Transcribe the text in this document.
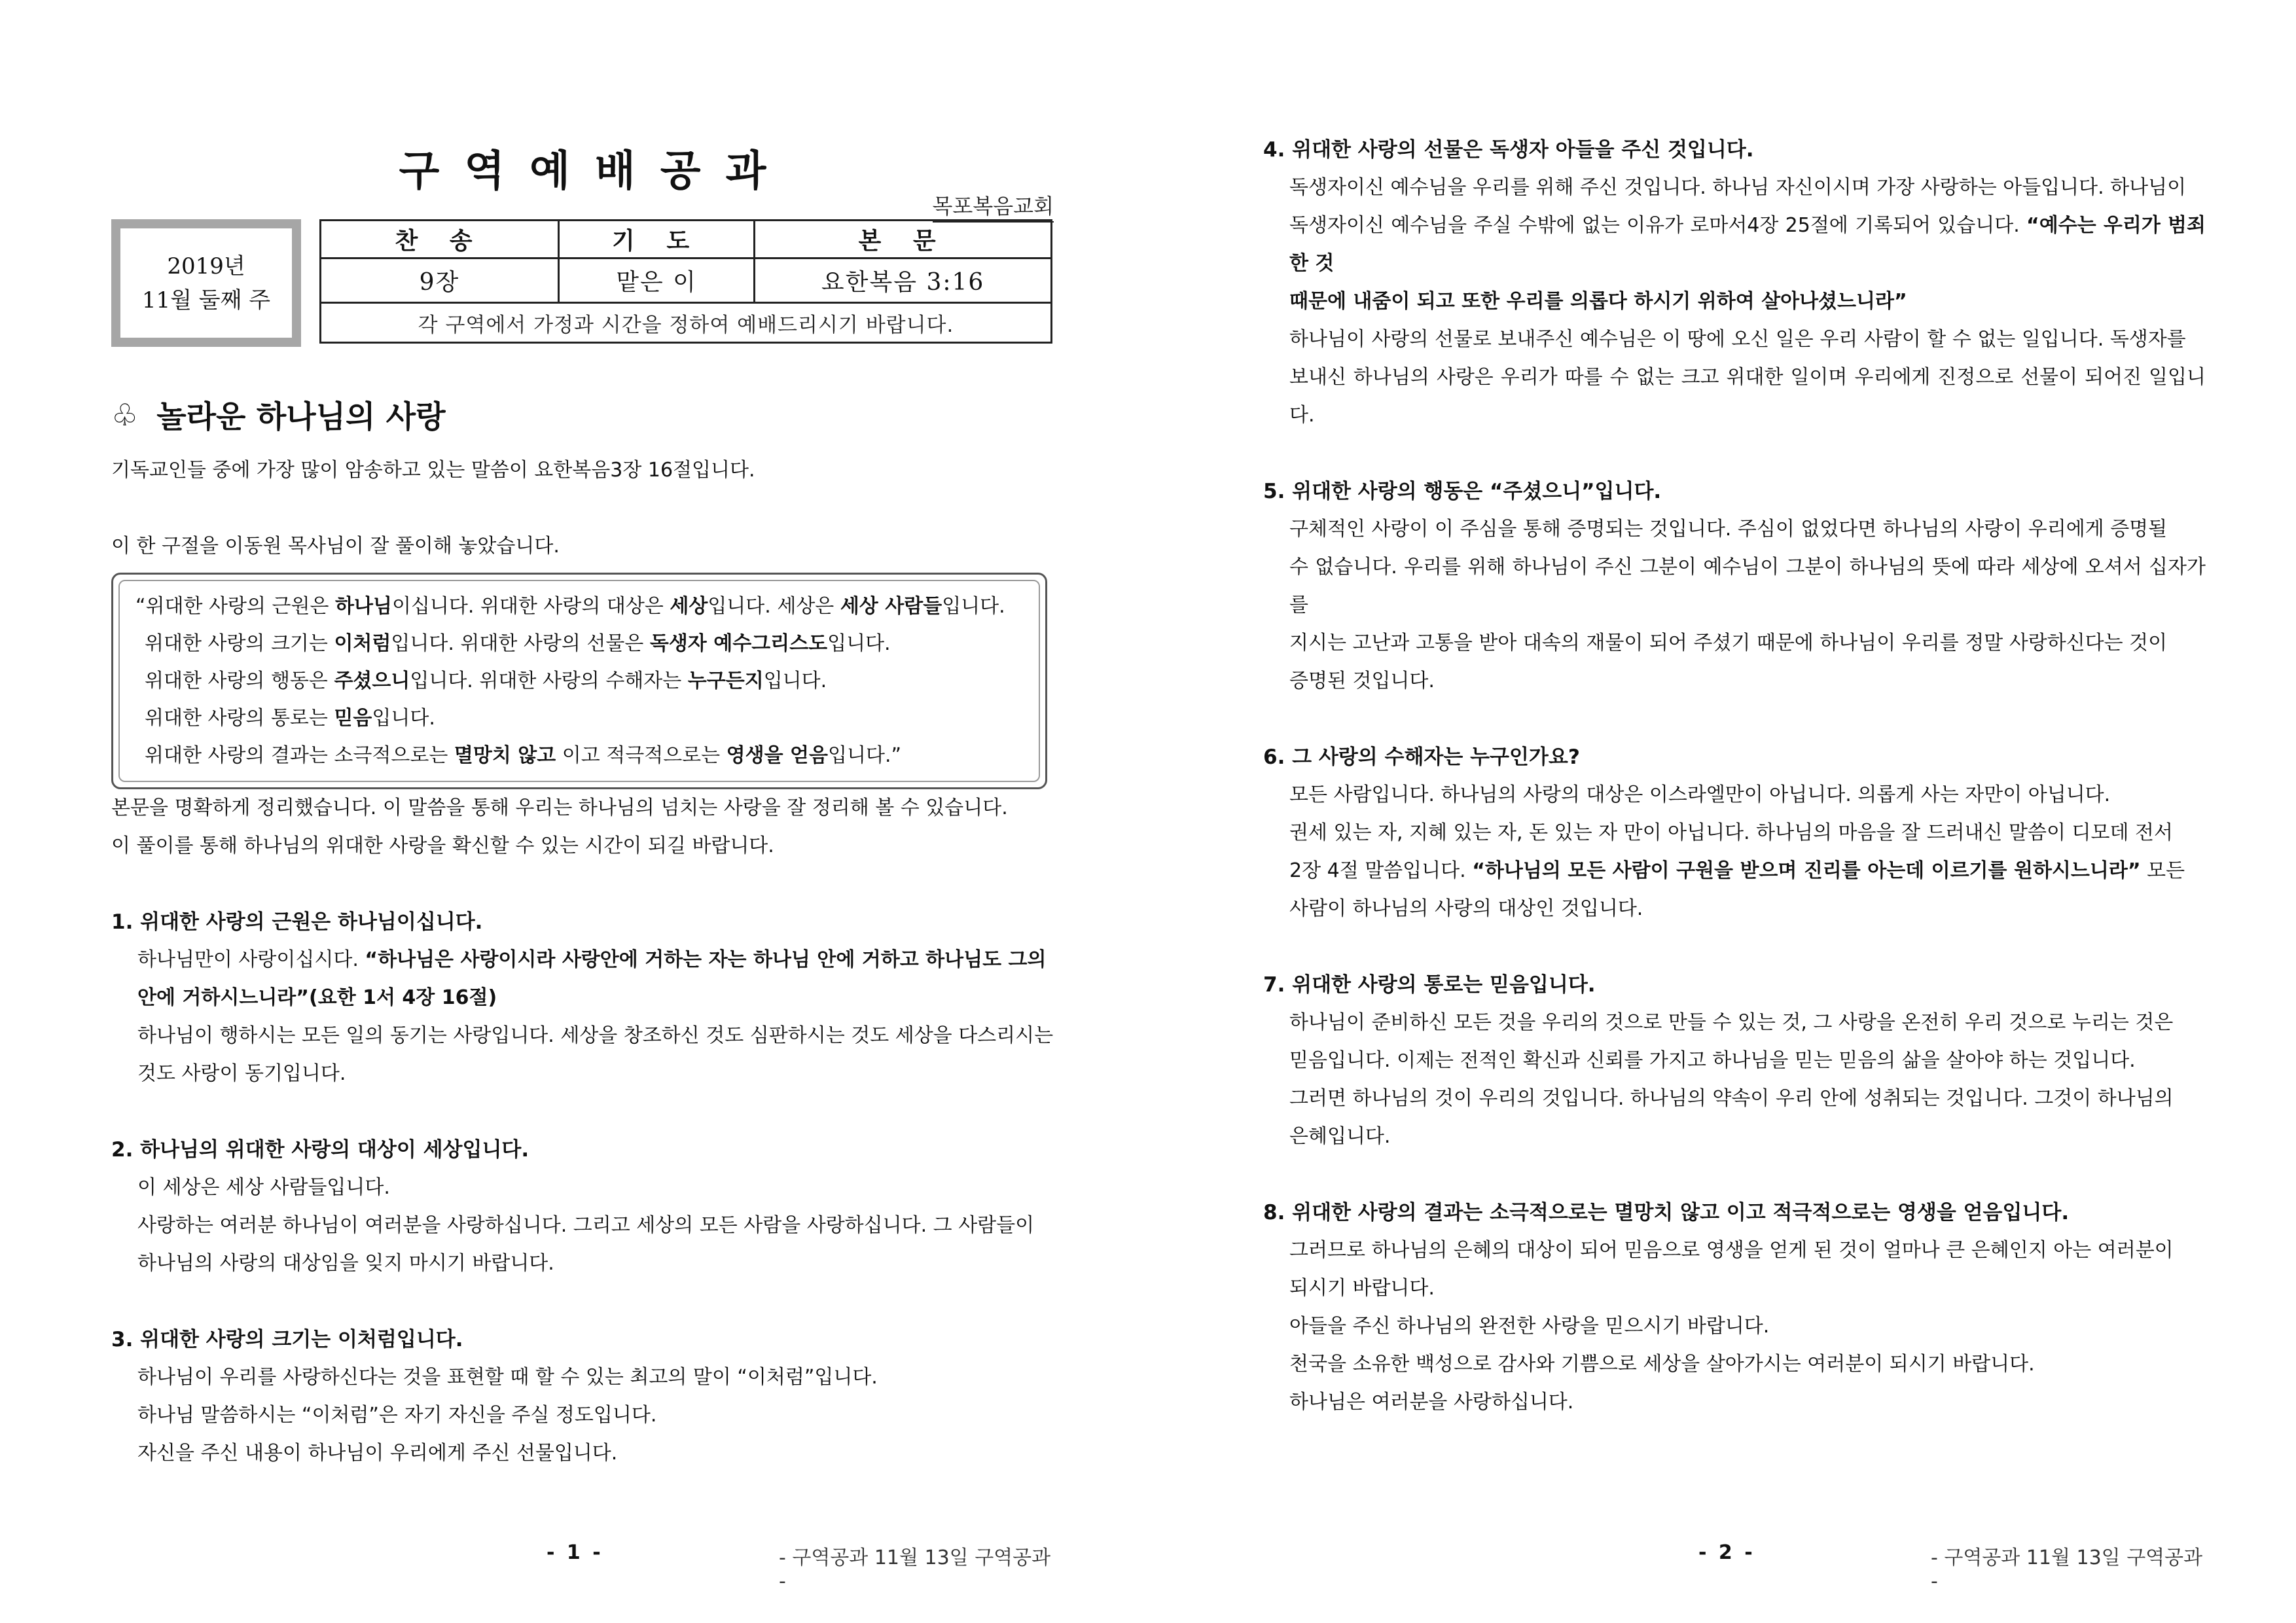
구역예배공과
목포복음교회
2019년
11월 둘째 주
찬 송	기 도	본 문
9장	맡은 이	요한복음 3:16
각 구역에서 가정과 시간을 정하여 예배드리시기 바랍니다.		
♧ 놀라운 하나님의 사랑

기독교인들 중에 가장 많이 암송하고 있는 말씀이 요한복음3장 16절입니다.

이 한 구절을 이동원 목사님이 잘 풀이해 놓았습니다.

“위대한 사랑의 근원은 하나님이십니다. 위대한 사랑의 대상은 세상입니다. 세상은 세상 사람들입니다.

위대한 사랑의 크기는 이처럼입니다. 위대한 사랑의 선물은 독생자 예수그리스도입니다.

위대한 사랑의 행동은 주셨으니입니다. 위대한 사랑의 수해자는 누구든지입니다.

위대한 사랑의 통로는 믿음입니다.

위대한 사랑의 결과는 소극적으로는 멸망치 않고 이고 적극적으로는 영생을 얻음입니다.”

본문을 명확하게 정리했습니다. 이 말씀을 통해 우리는 하나님의 넘치는 사랑을 잘 정리해 볼 수 있습니다.

이 풀이를 통해 하나님의 위대한 사랑을 확신할 수 있는 시간이 되길 바랍니다.

1. 위대한 사랑의 근원은 하나님이십니다.

하나님만이 사랑이십시다. “하나님은 사랑이시라 사랑안에 거하는 자는 하나님 안에 거하고 하나님도 그의

안에 거하시느니라”(요한 1서 4장 16절)

하나님이 행하시는 모든 일의 동기는 사랑입니다. 세상을 창조하신 것도 심판하시는 것도 세상을 다스리시는

것도 사랑이 동기입니다.

2. 하나님의 위대한 사랑의 대상이 세상입니다.

이 세상은 세상 사람들입니다.

사랑하는 여러분 하나님이 여러분을 사랑하십니다. 그리고 세상의 모든 사람을 사랑하십니다. 그 사람들이

하나님의 사랑의 대상임을 잊지 마시기 바랍니다.

3. 위대한 사랑의 크기는 이처럼입니다.

하나님이 우리를 사랑하신다는 것을 표현할 때 할 수 있는 최고의 말이 “이처럼”입니다.

하나님 말씀하시는 “이처럼”은 자기 자신을 주실 정도입니다.

자신을 주신 내용이 하나님이 우리에게 주신 선물입니다.

- 1 -	- 구역공과 11월 13일 구역공과 -

4. 위대한 사랑의 선물은 독생자 아들을 주신 것입니다.

독생자이신 예수님을 우리를 위해 주신 것입니다. 하나님 자신이시며 가장 사랑하는 아들입니다. 하나님이

독생자이신 예수님을 주실 수밖에 없는 이유가 로마서4장 25절에 기록되어 있습니다. “예수는 우리가 범죄한 것

때문에 내줌이 되고 또한 우리를 의롭다 하시기 위하여 살아나셨느니라”

하나님이 사랑의 선물로 보내주신 예수님은 이 땅에 오신 일은 우리 사람이 할 수 없는 일입니다. 독생자를

보내신 하나님의 사랑은 우리가 따를 수 없는 크고 위대한 일이며 우리에게 진정으로 선물이 되어진 일입니다.

5. 위대한 사랑의 행동은 “주셨으니”입니다.

구체적인 사랑이 이 주심을 통해 증명되는 것입니다. 주심이 없었다면 하나님의 사랑이 우리에게 증명될

수 없습니다. 우리를 위해 하나님이 주신 그분이 예수님이 그분이 하나님의 뜻에 따라 세상에 오셔서 십자가를

지시는 고난과 고통을 받아 대속의 재물이 되어 주셨기 때문에 하나님이 우리를 정말 사랑하신다는 것이

증명된 것입니다.

6. 그 사랑의 수해자는 누구인가요?

모든 사람입니다. 하나님의 사랑의 대상은 이스라엘만이 아닙니다. 의롭게 사는 자만이 아닙니다.

권세 있는 자, 지혜 있는 자, 돈 있는 자 만이 아닙니다. 하나님의 마음을 잘 드러내신 말씀이 디모데 전서

2장 4절 말씀입니다. “하나님의 모든 사람이 구원을 받으며 진리를 아는데 이르기를 원하시느니라” 모든

사람이 하나님의 사랑의 대상인 것입니다.

7. 위대한 사랑의 통로는 믿음입니다.

하나님이 준비하신 모든 것을 우리의 것으로 만들 수 있는 것, 그 사랑을 온전히 우리 것으로 누리는 것은

믿음입니다. 이제는 전적인 확신과 신뢰를 가지고 하나님을 믿는 믿음의 삶을 살아야 하는 것입니다.

그러면 하나님의 것이 우리의 것입니다. 하나님의 약속이 우리 안에 성취되는 것입니다. 그것이 하나님의

은혜입니다.

8. 위대한 사랑의 결과는 소극적으로는 멸망치 않고 이고 적극적으로는 영생을 얻음입니다.

그러므로 하나님의 은혜의 대상이 되어 믿음으로 영생을 얻게 된 것이 얼마나 큰 은혜인지 아는 여러분이

되시기 바랍니다.

아들을 주신 하나님의 완전한 사랑을 믿으시기 바랍니다.

천국을 소유한 백성으로 감사와 기쁨으로 세상을 살아가시는 여러분이 되시기 바랍니다.

하나님은 여러분을 사랑하십니다.

- 2 -	- 구역공과 11월 13일 구역공과 -
